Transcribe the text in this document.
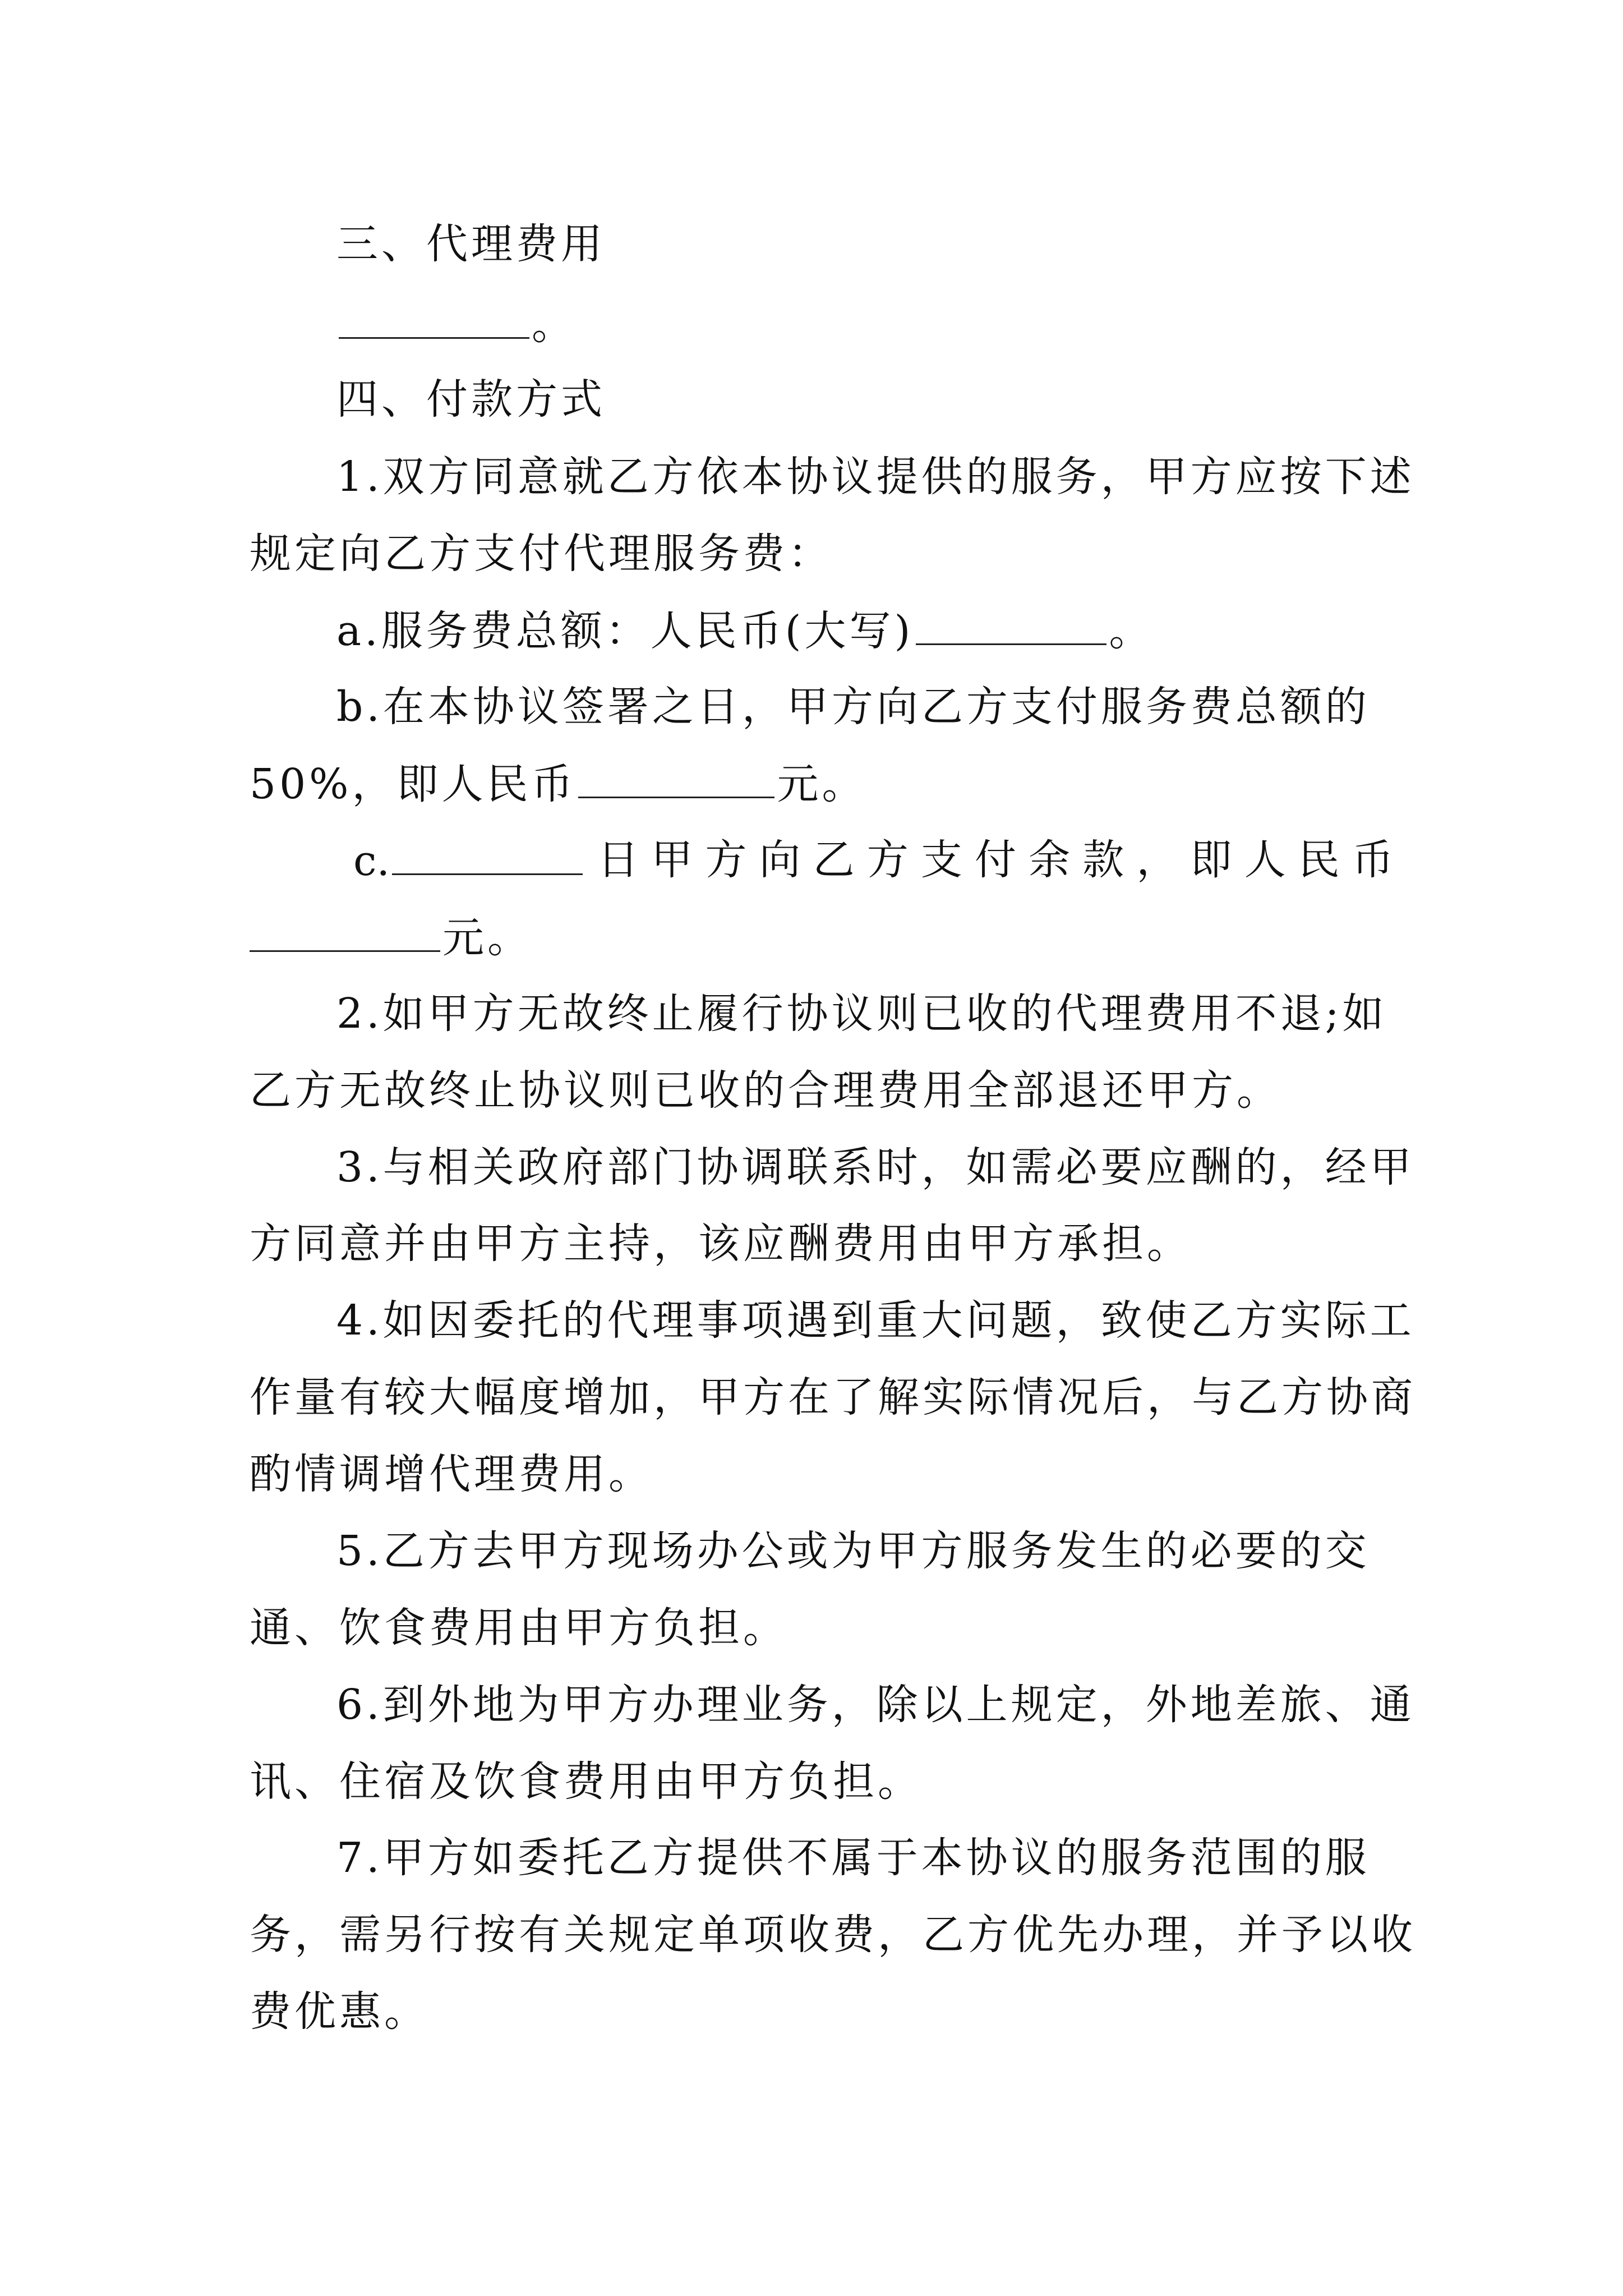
三、代理费用
。
四、付款方式
1.双方同意就乙方依本协议提供的服务，甲方应按下述
规定向乙方支付代理服务费：
a.服务费总额：人民币(大写)	。
b.在本协议签署之日，甲方向乙方支付服务费总额的
50%，即人民币	元。
c.	日 甲 方 向 乙 方 支 付 余 款 ， 即 人 民 币
元。
2.如甲方无故终止履行协议则已收的代理费用不退;如
乙方无故终止协议则已收的合理费用全部退还甲方。
3.与相关政府部门协调联系时，如需必要应酬的，经甲
方同意并由甲方主持，该应酬费用由甲方承担。
4.如因委托的代理事项遇到重大问题，致使乙方实际工
作量有较大幅度增加，甲方在了解实际情况后，与乙方协商
酌情调增代理费用。
5.乙方去甲方现场办公或为甲方服务发生的必要的交
通、饮食费用由甲方负担。
6.到外地为甲方办理业务，除以上规定，外地差旅、通
讯、住宿及饮食费用由甲方负担。
7.甲方如委托乙方提供不属于本协议的服务范围的服
务，需另行按有关规定单项收费，乙方优先办理，并予以收
费优惠。
